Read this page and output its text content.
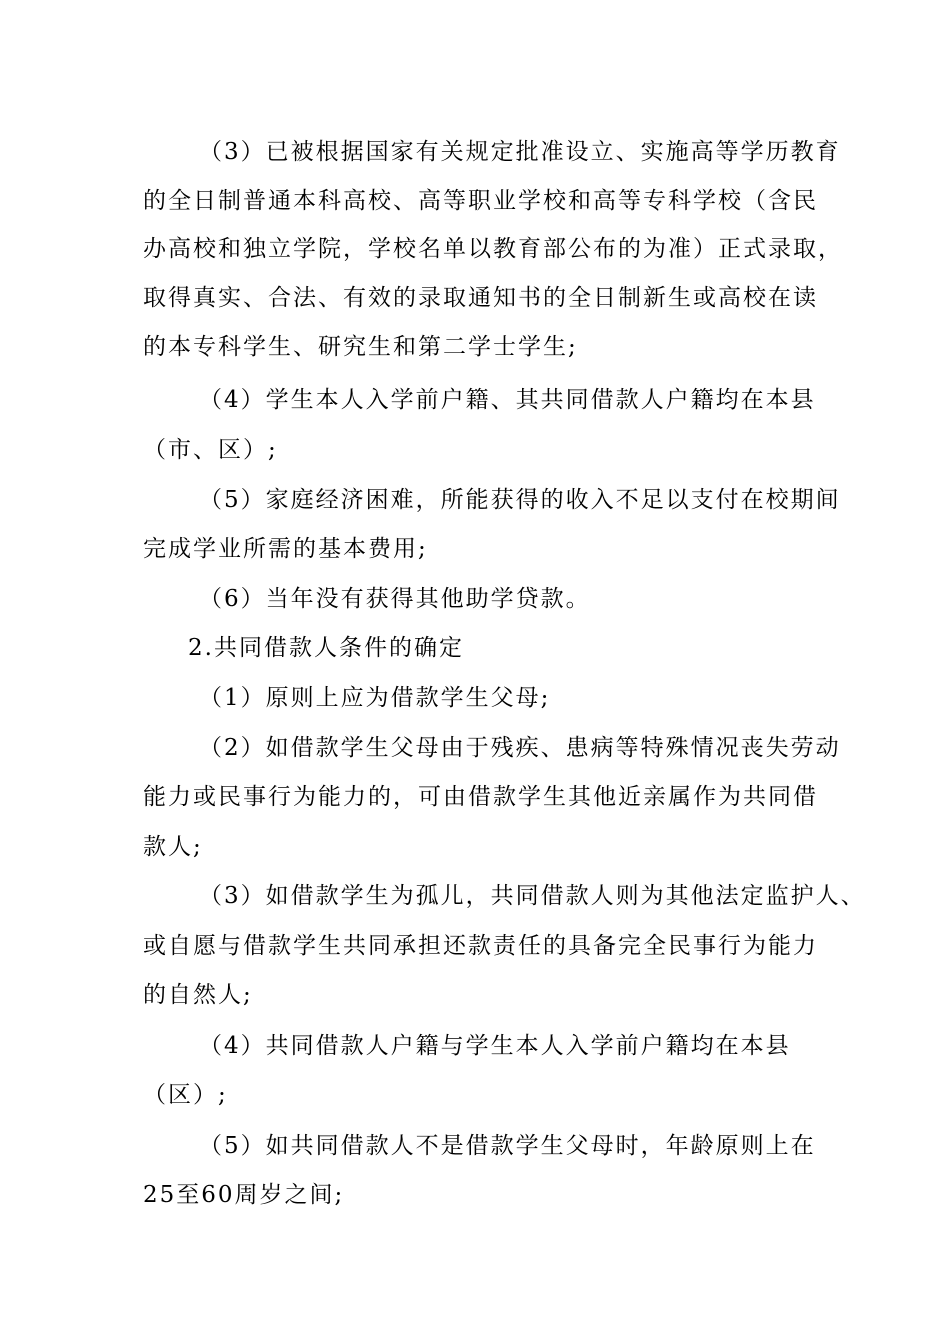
（3）已被根据国家有关规定批准设立、实施高等学历教育
的全日制普通本科高校、高等职业学校和高等专科学校（含民
办高校和独立学院，学校名单以教育部公布的为准）正式录取，
取得真实、合法、有效的录取通知书的全日制新生或高校在读
的本专科学生、研究生和第二学士学生;
（4）学生本人入学前户籍、其共同借款人户籍均在本县
（市、区）;
（5）家庭经济困难，所能获得的收入不足以支付在校期间
完成学业所需的基本费用;
（6）当年没有获得其他助学贷款。
2.共同借款人条件的确定
（1）原则上应为借款学生父母;
（2）如借款学生父母由于残疾、患病等特殊情况丧失劳动
能力或民事行为能力的，可由借款学生其他近亲属作为共同借
款人;
（3）如借款学生为孤儿，共同借款人则为其他法定监护人、
或自愿与借款学生共同承担还款责任的具备完全民事行为能力
的自然人;
（4）共同借款人户籍与学生本人入学前户籍均在本县
（区）;
（5）如共同借款人不是借款学生父母时，年龄原则上在
25至60周岁之间;
